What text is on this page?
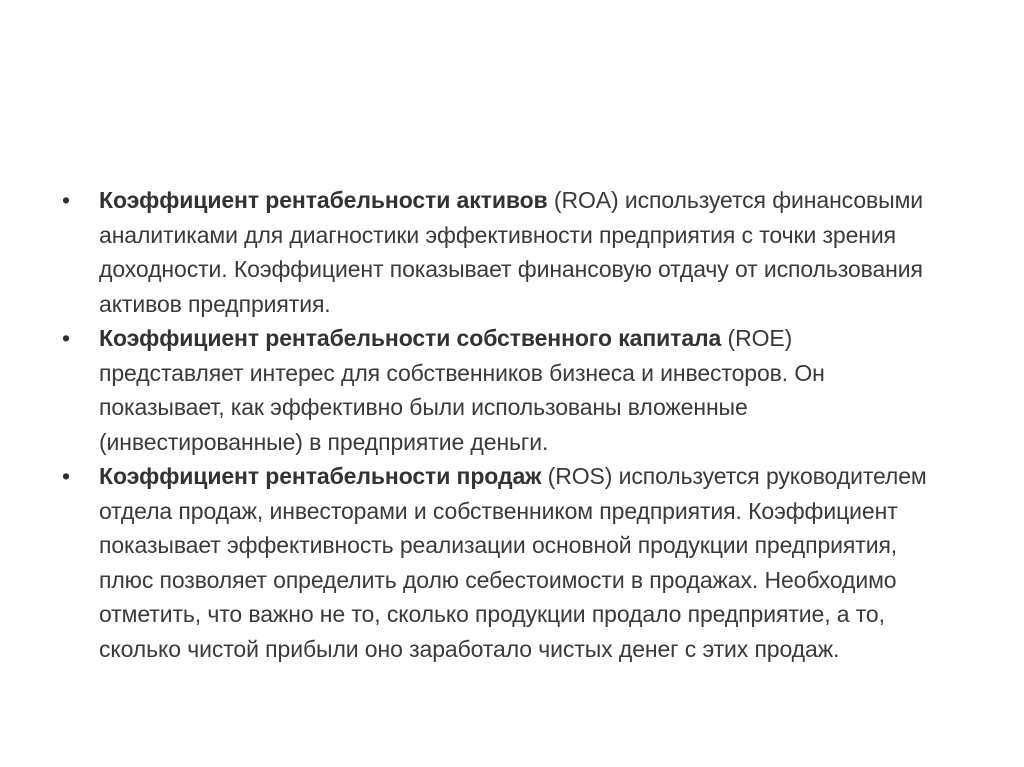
•	Коэффициент рентабельности активов (ROA) используется финансовыми аналитиками для диагностики эффективности предприятия с точки зрения доходности. Коэффициент показывает финансовую отдачу от использования активов предприятия.
•	Коэффициент рентабельности собственного капитала (ROE) представляет интерес для собственников бизнеса и инвесторов. Он показывает, как эффективно были использованы вложенные (инвестированные) в предприятие деньги.
•	Коэффициент рентабельности продаж (ROS) используется руководителем отдела продаж, инвесторами и собственником предприятия. Коэффициент показывает эффективность реализации основной продукции предприятия, плюс позволяет определить долю себестоимости в продажах. Необходимо отметить, что важно не то, сколько продукции продало предприятие, а то, сколько чистой прибыли оно заработало чистых денег с этих продаж.
